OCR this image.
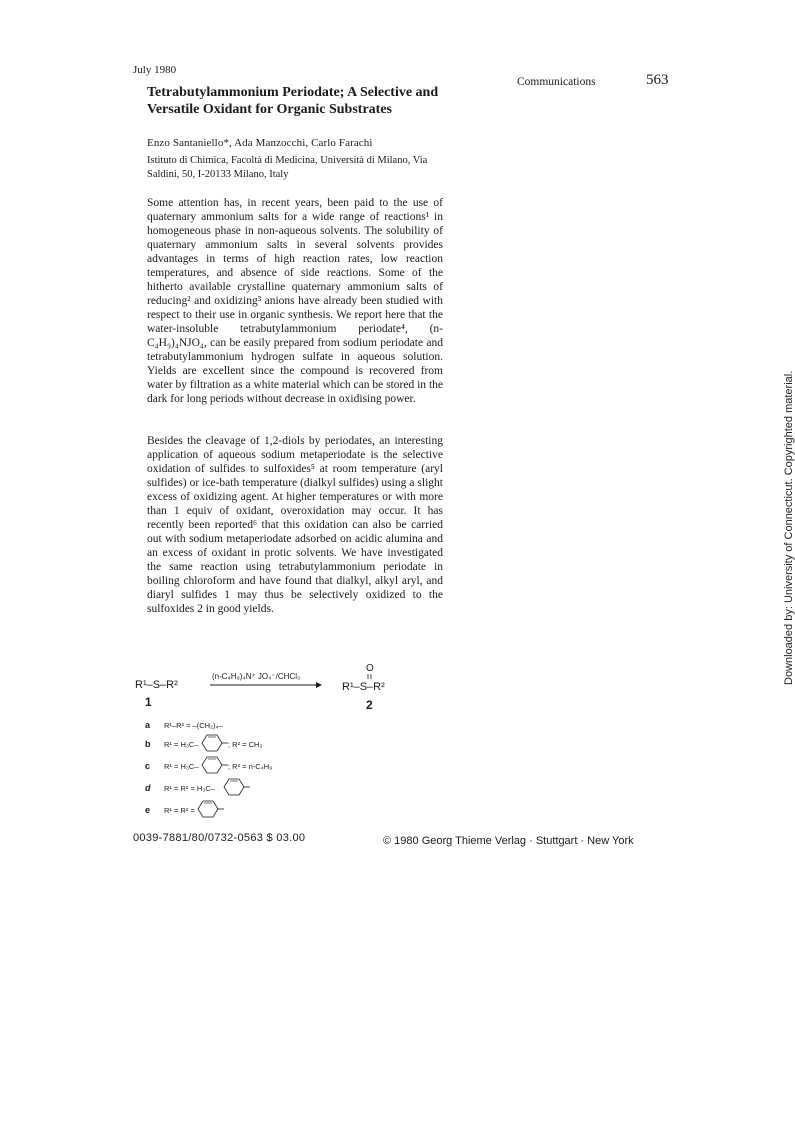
July 1980
Communications	563
Tetrabutylammonium Periodate; A Selective and Versatile Oxidant for Organic Substrates
Enzo Santaniello*, Ada Manzocchi, Carlo Farachi
Istituto di Chimica, Facoltà di Medicina, Università di Milano, Via Saldini, 50, I-20133 Milano, Italy

Some attention has, in recent years, been paid to the use of quaternary ammonium salts for a wide range of reactions¹ in homogeneous phase in non-aqueous solvents. The solubility of quaternary ammonium salts in several solvents provides advantages in terms of high reaction rates, low reaction temperatures, and absence of side reactions. Some of the hitherto available crystalline quaternary ammonium salts of reducing² and oxidizing³ anions have already been studied with respect to their use in organic synthesis. We report here that the water-insoluble tetrabutylammonium periodate⁴, (n-C₄H₉)₄NJO₄, can be easily prepared from sodium periodate and tetrabutylammonium hydrogen sulfate in aqueous solution. Yields are excellent since the compound is recovered from water by filtration as a white material which can be stored in the dark for long periods without decrease in oxidising power.

Besides the cleavage of 1,2-diols by periodates, an interesting application of aqueous sodium metaperiodate is the selective oxidation of sulfides to sulfoxides⁵ at room temperature (aryl sulfides) or ice-bath temperature (dialkyl sulfides) using a slight excess of oxidizing agent. At higher temperatures or with more than 1 equiv of oxidant, overoxidation may occur. It has recently been reported⁶ that this oxidation can also be carried out with sodium metaperiodate adsorbed on acidic alumina and an excess of oxidant in protic solvents. We have investigated the same reaction using tetrabutylammonium periodate in boiling chloroform and have found that dialkyl, alkyl aryl, and diaryl sulfides 1 may thus be selectively oxidized to the sulfoxides 2 in good yields.

R¹–S–R²
1
(n-C₄H₉)₄N⁺ JO₄⁻/CHCl₃
O
R¹–S–R²
2
a R¹–R² = –(CH₂)₄–
b R¹ = H₃C–	; R² = CH₃
c R¹ = H₃C–	; R² = n-C₄H₉
d R¹ = R² = H₃C–
e R¹ = R² =
0039-7881/80/0732-0563 $ 03.00	© 1980 Georg Thieme Verlag · Stuttgart · New York
Downloaded by: University of Connecticut. Copyrighted material.
